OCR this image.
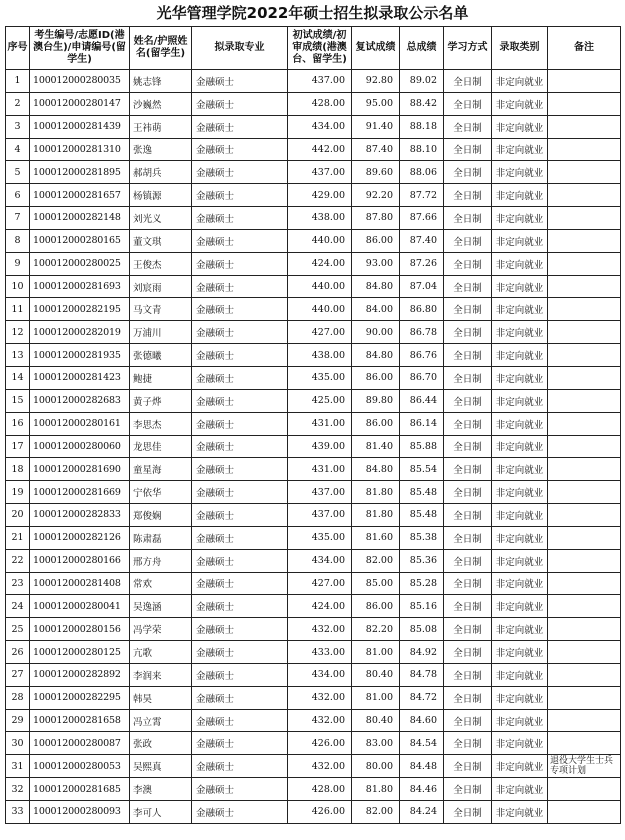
光华管理学院2022年硕士招生拟录取公示名单
序号	考生编号/志愿ID(港澳台生)/申请编号(留学生)	姓名/护照姓名(留学生)	拟录取专业	初试成绩/初审成绩(港澳台、留学生)	复试成绩	总成绩	学习方式	录取类别	备注
1	100012000280035	姚志锋	金融硕士	437.00	92.80	89.02	全日制	非定向就业	
2	100012000280147	沙巍然	金融硕士	428.00	95.00	88.42	全日制	非定向就业	
3	100012000281439	王祎萌	金融硕士	434.00	91.40	88.18	全日制	非定向就业	
4	100012000281310	张逸	金融硕士	442.00	87.40	88.10	全日制	非定向就业	
5	100012000281895	郝胡兵	金融硕士	437.00	89.60	88.06	全日制	非定向就业	
6	100012000281657	杨镇源	金融硕士	429.00	92.20	87.72	全日制	非定向就业	
7	100012000282148	刘光义	金融硕士	438.00	87.80	87.66	全日制	非定向就业	
8	100012000280165	董文琪	金融硕士	440.00	86.00	87.40	全日制	非定向就业	
9	100012000280025	王俊杰	金融硕士	424.00	93.00	87.26	全日制	非定向就业	
10	100012000281693	刘宸雨	金融硕士	440.00	84.80	87.04	全日制	非定向就业	
11	100012000282195	马文青	金融硕士	440.00	84.00	86.80	全日制	非定向就业	
12	100012000282019	万浦川	金融硕士	427.00	90.00	86.78	全日制	非定向就业	
13	100012000281935	张德曦	金融硕士	438.00	84.80	86.76	全日制	非定向就业	
14	100012000281423	鲍捷	金融硕士	435.00	86.00	86.70	全日制	非定向就业	
15	100012000282683	黄子烨	金融硕士	425.00	89.80	86.44	全日制	非定向就业	
16	100012000280161	李思杰	金融硕士	431.00	86.00	86.14	全日制	非定向就业	
17	100012000280060	龙思佳	金融硕士	439.00	81.40	85.88	全日制	非定向就业	
18	100012000281690	童星海	金融硕士	431.00	84.80	85.54	全日制	非定向就业	
19	100012000281669	宁依华	金融硕士	437.00	81.80	85.48	全日制	非定向就业	
20	100012000282833	郑俊娴	金融硕士	437.00	81.80	85.48	全日制	非定向就业	
21	100012000282126	陈肃磊	金融硕士	435.00	81.60	85.38	全日制	非定向就业	
22	100012000280166	邢方舟	金融硕士	434.00	82.00	85.36	全日制	非定向就业	
23	100012000281408	常欢	金融硕士	427.00	85.00	85.28	全日制	非定向就业	
24	100012000280041	吴逸涵	金融硕士	424.00	86.00	85.16	全日制	非定向就业	
25	100012000280156	冯学荣	金融硕士	432.00	82.20	85.08	全日制	非定向就业	
26	100012000280125	亢歌	金融硕士	433.00	81.00	84.92	全日制	非定向就业	
27	100012000282892	李润来	金融硕士	434.00	80.40	84.78	全日制	非定向就业	
28	100012000282295	韩昊	金融硕士	432.00	81.00	84.72	全日制	非定向就业	
29	100012000281658	冯立霄	金融硕士	432.00	80.40	84.60	全日制	非定向就业	
30	100012000280087	张政	金融硕士	426.00	83.00	84.54	全日制	非定向就业	
31	100012000280053	吴熙真	金融硕士	432.00	80.00	84.48	全日制	非定向就业	退役大学生士兵专项计划
32	100012000281685	李澳	金融硕士	428.00	81.80	84.46	全日制	非定向就业	
33	100012000280093	李可人	金融硕士	426.00	82.00	84.24	全日制	非定向就业	
